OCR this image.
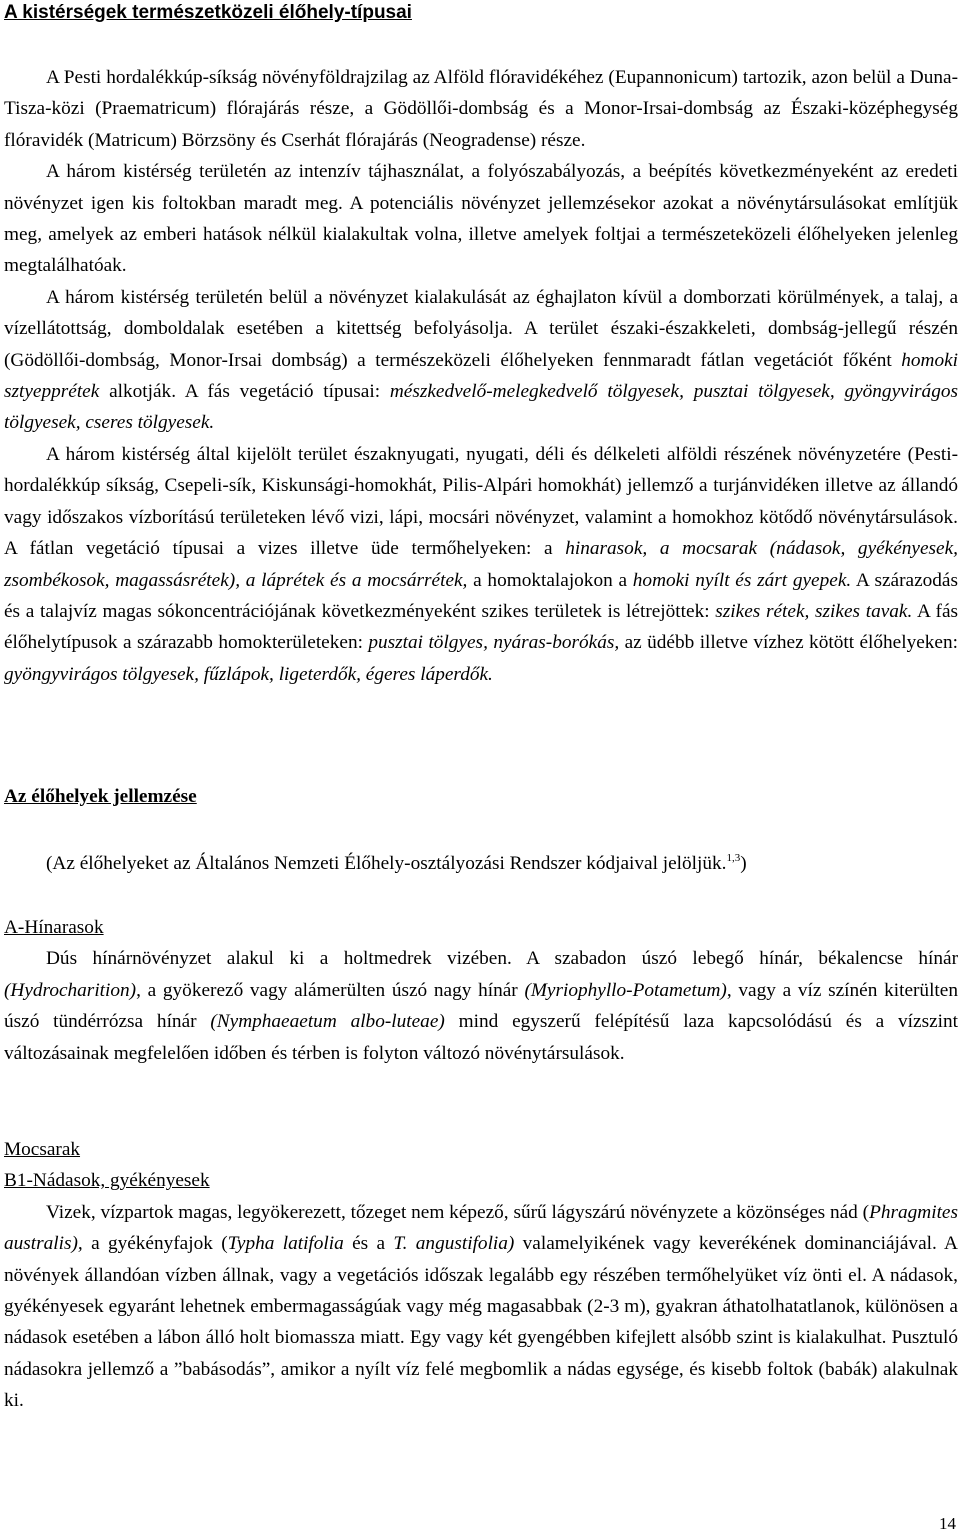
A kistérségek természetközeli élőhely-típusai

A Pesti hordalékkúp-síkság növényföldrajzilag az Alföld flóravidékéhez (Eupannonicum) tartozik, azon belül a Duna-Tisza-közi (Praematricum) flórajárás része, a Gödöllői-dombság és a Monor-Irsai-dombság az Északi-középhegység flóravidék (Matricum) Börzsöny és Cserhát flórajárás (Neogradense) része.

A három kistérség területén az intenzív tájhasználat, a folyószabályozás, a beépítés következményeként az eredeti növényzet igen kis foltokban maradt meg. A potenciális növényzet jellemzésekor azokat a növénytársulásokat említjük meg, amelyek az emberi hatások nélkül kialakultak volna, illetve amelyek foltjai a természeteközeli élőhelyeken jelenleg megtalálhatóak.

A három kistérség területén belül a növényzet kialakulását az éghajlaton kívül a domborzati körülmények, a talaj, a vízellátottság, domboldalak esetében a kitettség befolyásolja. A terület északi-északkeleti, dombság-jellegű részén (Gödöllői-dombság, Monor-Irsai dombság) a természeközeli élőhelyeken fennmaradt fátlan vegetációt főként homoki sztyepprétek alkotják. A fás vegetáció típusai: mészkedvelő-melegkedvelő tölgyesek, pusztai tölgyesek, gyöngyvirágos tölgyesek, cseres tölgyesek.

A három kistérség által kijelölt terület északnyugati, nyugati, déli és délkeleti alföldi részének növényzetére (Pesti-hordalékkúp síkság, Csepeli-sík, Kiskunsági-homokhát, Pilis-Alpári homokhát) jellemző a turjánvidéken illetve az állandó vagy időszakos vízborítású területeken lévő vizi, lápi, mocsári növényzet, valamint a homokhoz kötődő növénytársulások. A fátlan vegetáció típusai a vizes illetve üde termőhelyeken: a hinarasok, a mocsarak (nádasok, gyékényesek, zsombékosok, magassásrétek), a láprétek és a mocsárrétek, a homoktalajokon a homoki nyílt és zárt gyepek. A szárazodás és a talajvíz magas sókoncentrációjának következményeként szikes területek is létrejöttek: szikes rétek, szikes tavak. A fás élőhelytípusok a szárazabb homokterületeken: pusztai tölgyes, nyáras-borókás, az üdébb illetve vízhez kötött élőhelyeken: gyöngyvirágos tölgyesek, fűzlápok, ligeterdők, égeres láperdők.

Az élőhelyek jellemzése

(Az élőhelyeket az Általános Nemzeti Élőhely-osztályozási Rendszer kódjaival jelöljük.$^{1,3}$)

A-Hínarasok

Dús hínárnövényzet alakul ki a holtmedrek vizében. A szabadon úszó lebegő hínár, békalencse hínár (Hydrocharition), a gyökerező vagy alámerülten úszó nagy hínár (Myriophyllo-Potametum), vagy a víz színén kiterülten úszó tündérrózsa hínár (Nymphaeaetum albo-luteae) mind egyszerű felépítésű laza kapcsolódású és a vízszint változásainak megfelelően időben és térben is folyton változó növénytársulások.

Mocsarak
B1-Nádasok, gyékényesek

Vizek, vízpartok magas, legyökerezett, tőzeget nem képező, sűrű lágyszárú növényzete a közönséges nád (Phragmites australis), a gyékényfajok (Typha latifolia és a T. angustifolia) valamelyikének vagy keverékének dominanciájával. A növények állandóan vízben állnak, vagy a vegetációs időszak legalább egy részében termőhelyüket víz önti el. A nádasok, gyékényesek egyaránt lehetnek embermagasságúak vagy még magasabbak (2-3 m), gyakran áthatolhatatlanok, különösen a nádasok esetében a lábon álló holt biomassza miatt. Egy vagy két gyengébben kifejlett alsóbb szint is kialakulhat. Pusztuló nádasokra jellemző a ”babásodás”, amikor a nyílt víz felé megbomlik a nádas egysége, és kisebb foltok (babák) alakulnak ki.

14
